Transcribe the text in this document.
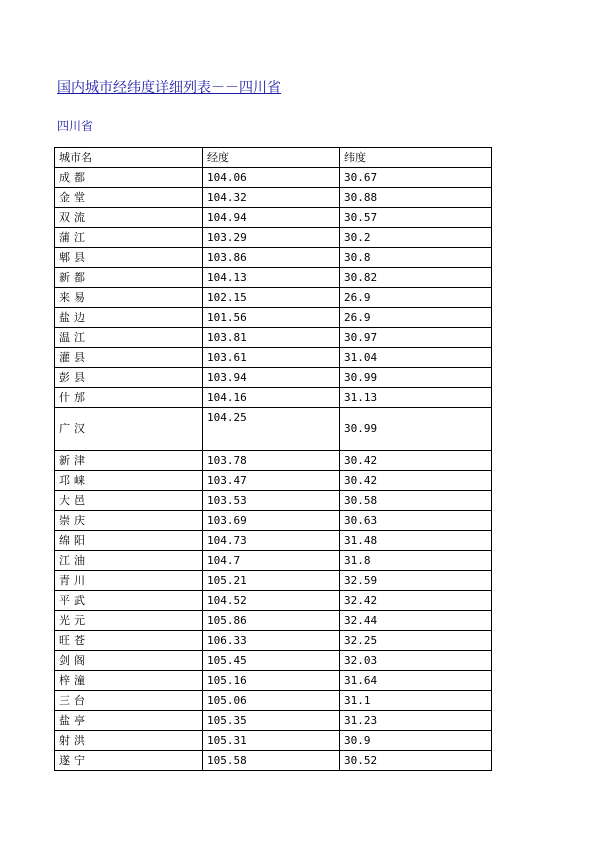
国内城市经纬度详细列表－－四川省
四川省
城市名	经度	纬度
成都	104.06	30.67
金堂	104.32	30.88
双流	104.94	30.57
蒲江	103.29	30.2
郫县	103.86	30.8
新都	104.13	30.82
来易	102.15	26.9
盐边	101.56	26.9
温江	103.81	30.97
灌县	103.61	31.04
彭县	103.94	30.99
什邡	104.16	31.13
广汉	104.25	30.99
新津	103.78	30.42
邛崃	103.47	30.42
大邑	103.53	30.58
崇庆	103.69	30.63
绵阳	104.73	31.48
江油	104.7	31.8
青川	105.21	32.59
平武	104.52	32.42
光元	105.86	32.44
旺苍	106.33	32.25
剑阁	105.45	32.03
梓潼	105.16	31.64
三台	105.06	31.1
盐亭	105.35	31.23
射洪	105.31	30.9
遂宁	105.58	30.52
